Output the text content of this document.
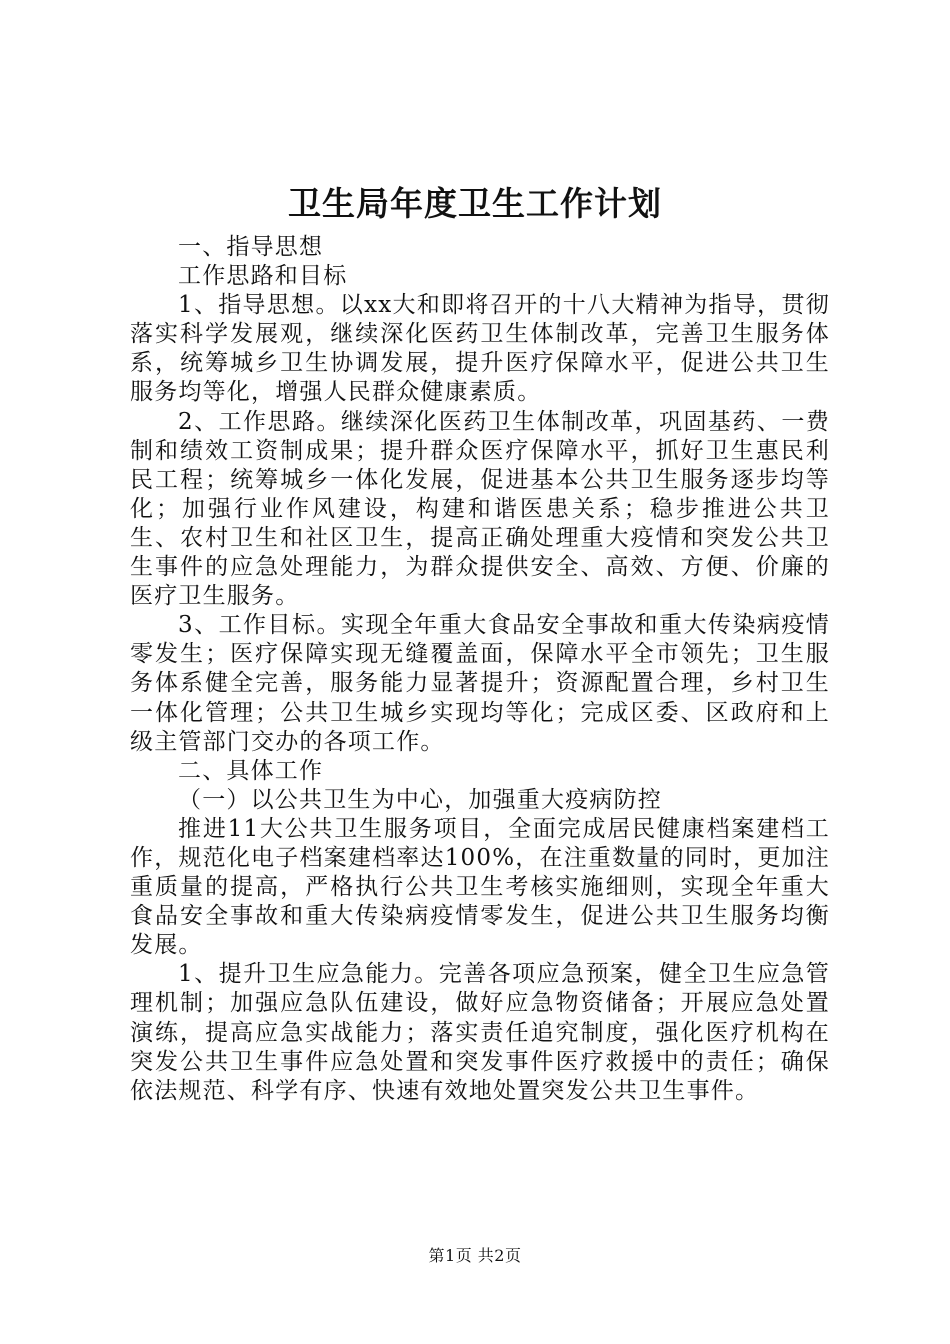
卫生局年度卫生工作计划

一、指导思想

工作思路和目标

1、指导思想。以xx大和即将召开的十八大精神为指导，贯彻落实科学发展观，继续深化医药卫生体制改革，完善卫生服务体系，统筹城乡卫生协调发展，提升医疗保障水平，促进公共卫生服务均等化，增强人民群众健康素质。

2、工作思路。继续深化医药卫生体制改革，巩固基药、一费制和绩效工资制成果；提升群众医疗保障水平，抓好卫生惠民利民工程；统筹城乡一体化发展，促进基本公共卫生服务逐步均等化；加强行业作风建设，构建和谐医患关系；稳步推进公共卫生、农村卫生和社区卫生，提高正确处理重大疫情和突发公共卫生事件的应急处理能力，为群众提供安全、高效、方便、价廉的医疗卫生服务。

3、工作目标。实现全年重大食品安全事故和重大传染病疫情零发生；医疗保障实现无缝覆盖面，保障水平全市领先；卫生服务体系健全完善，服务能力显著提升；资源配置合理，乡村卫生一体化管理；公共卫生城乡实现均等化；完成区委、区政府和上级主管部门交办的各项工作。

二、具体工作

（一）以公共卫生为中心，加强重大疫病防控

推进11大公共卫生服务项目，全面完成居民健康档案建档工作，规范化电子档案建档率达100%，在注重数量的同时，更加注重质量的提高，严格执行公共卫生考核实施细则，实现全年重大食品安全事故和重大传染病疫情零发生，促进公共卫生服务均衡发展。

1、提升卫生应急能力。完善各项应急预案，健全卫生应急管理机制；加强应急队伍建设，做好应急物资储备；开展应急处置演练，提高应急实战能力；落实责任追究制度，强化医疗机构在突发公共卫生事件应急处置和突发事件医疗救援中的责任；确保依法规范、科学有序、快速有效地处置突发公共卫生事件。

第1页 共2页
